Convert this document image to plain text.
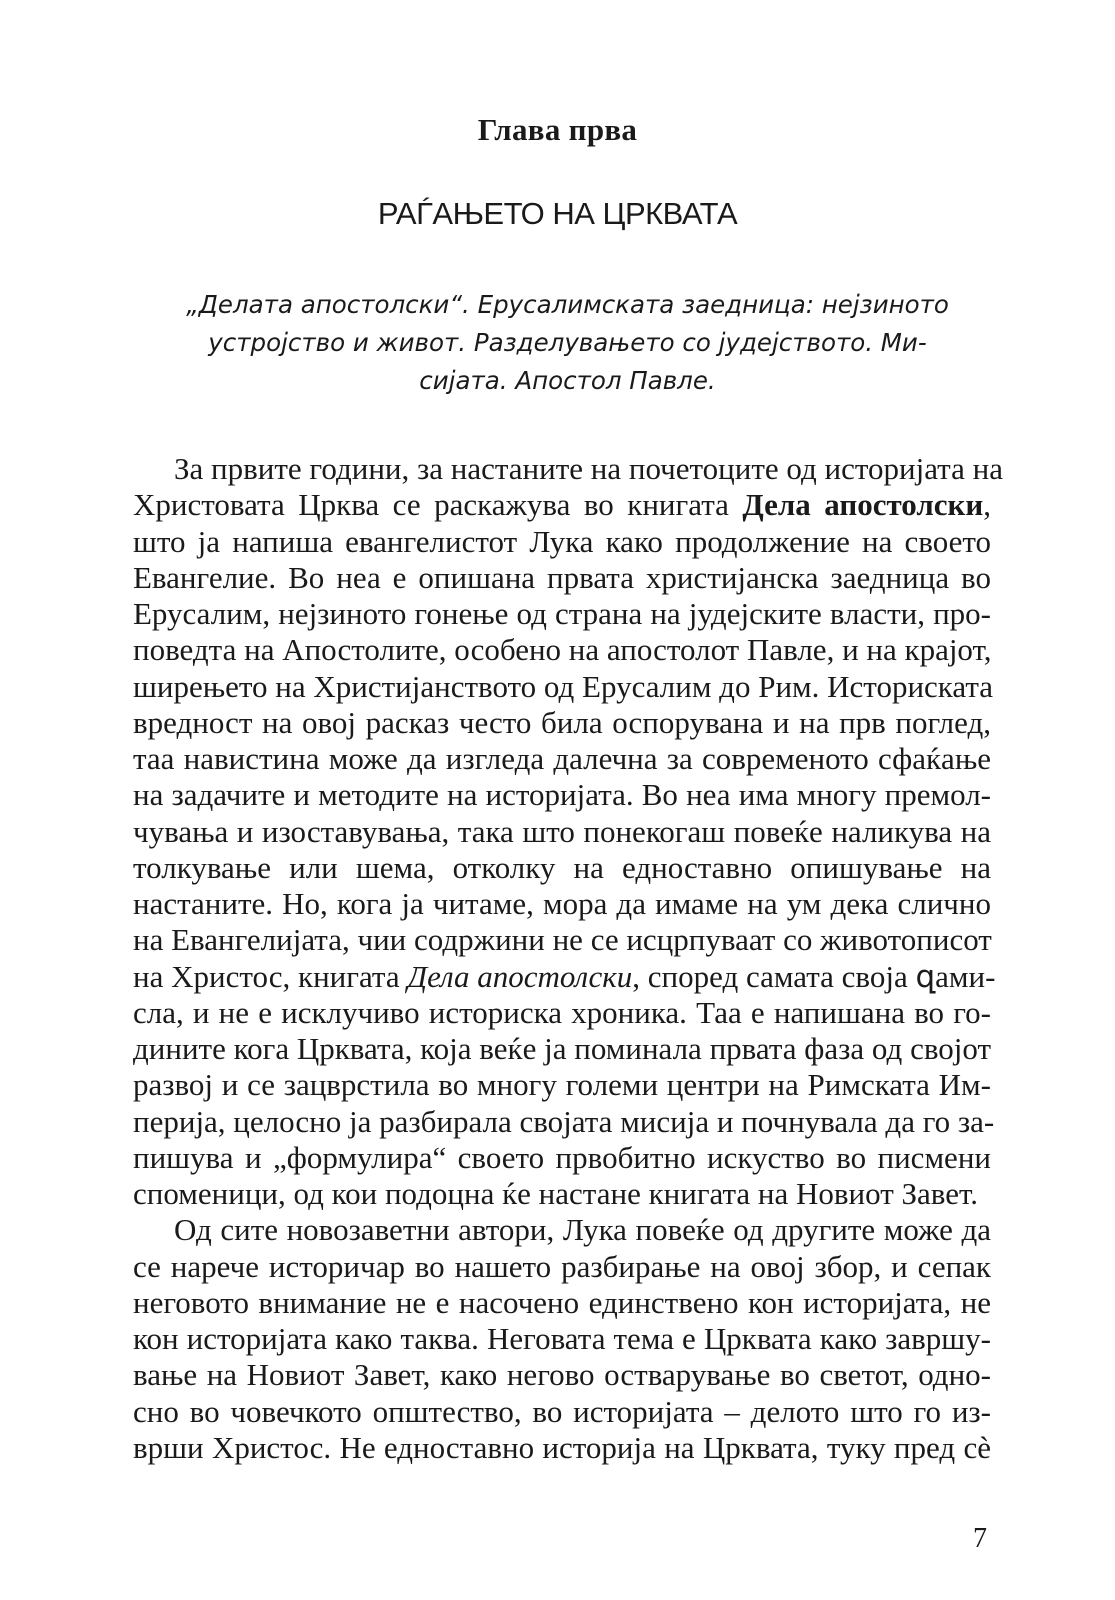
Глава прва
РАЃАЊЕТО НА ЦРКВАТА
„Делата апостолски“. Ерусалимската заедница: нејзиното
устројство и живот. Разделувањето со јудејството. Ми-
сијата. Апостол Павле.
За првите години, за настаните на почетоците од историјата на
Христовата Црква се раскажува во книгата Дела апостолски,
што ја напиша евангелистот Лука како продолжение на своето
Евангелие. Во неа е опишана првата христијанска заедница во
Ерусалим, нејзиното гонење од страна на јудејските власти, про-
поведта на Апостолите, особено на апостолот Павле, и на крајот,
ширењето на Христијанството од Ерусалим до Рим. Историската
вредност на овој расказ често била оспорувана и на прв поглед,
таа навистина може да изгледа далечна за современото сфаќање
на задачите и методите на историјата. Во неа има многу премол-
чувања и изоставувања, така што понекогаш повеќе наликува на
толкување или шема, отколку на едноставно опишување на
настаните. Но, кога ја читаме, мора да имаме на ум дека слично
на Евангелијата, чии содржини не се исцрпуваат со животописот
на Христос, книгата Дела апостолски, според самата своја զами-
сла, и не е исклучиво историска хроника. Таа е напишана во го-
дините кога Црквата, која веќе ја поминала првата фаза од својот
развој и се зацврстила во многу големи центри на Римската Им-
перија, целосно ја разбирала својата мисија и почнувала да го за-
пишува и „формулира“ своето првобитно искуство во писмени
споменици, од кои подоцна ќе настане книгата на Новиот Завет.
Од сите новозаветни автори, Лука повеќе од другите може да
се нарече историчар во нашето разбирање на овој збор, и сепак
неговото внимание не е насочено единствено кон историјата, не
кон историјата како таква. Неговата тема е Црквата како завршу-
вање на Новиот Завет, како негово остварување во светот, одно-
сно во човечкото општество, во историјата – делото што го из-
врши Христос. Не едноставно историја на Црквата, туку пред сѐ
7
